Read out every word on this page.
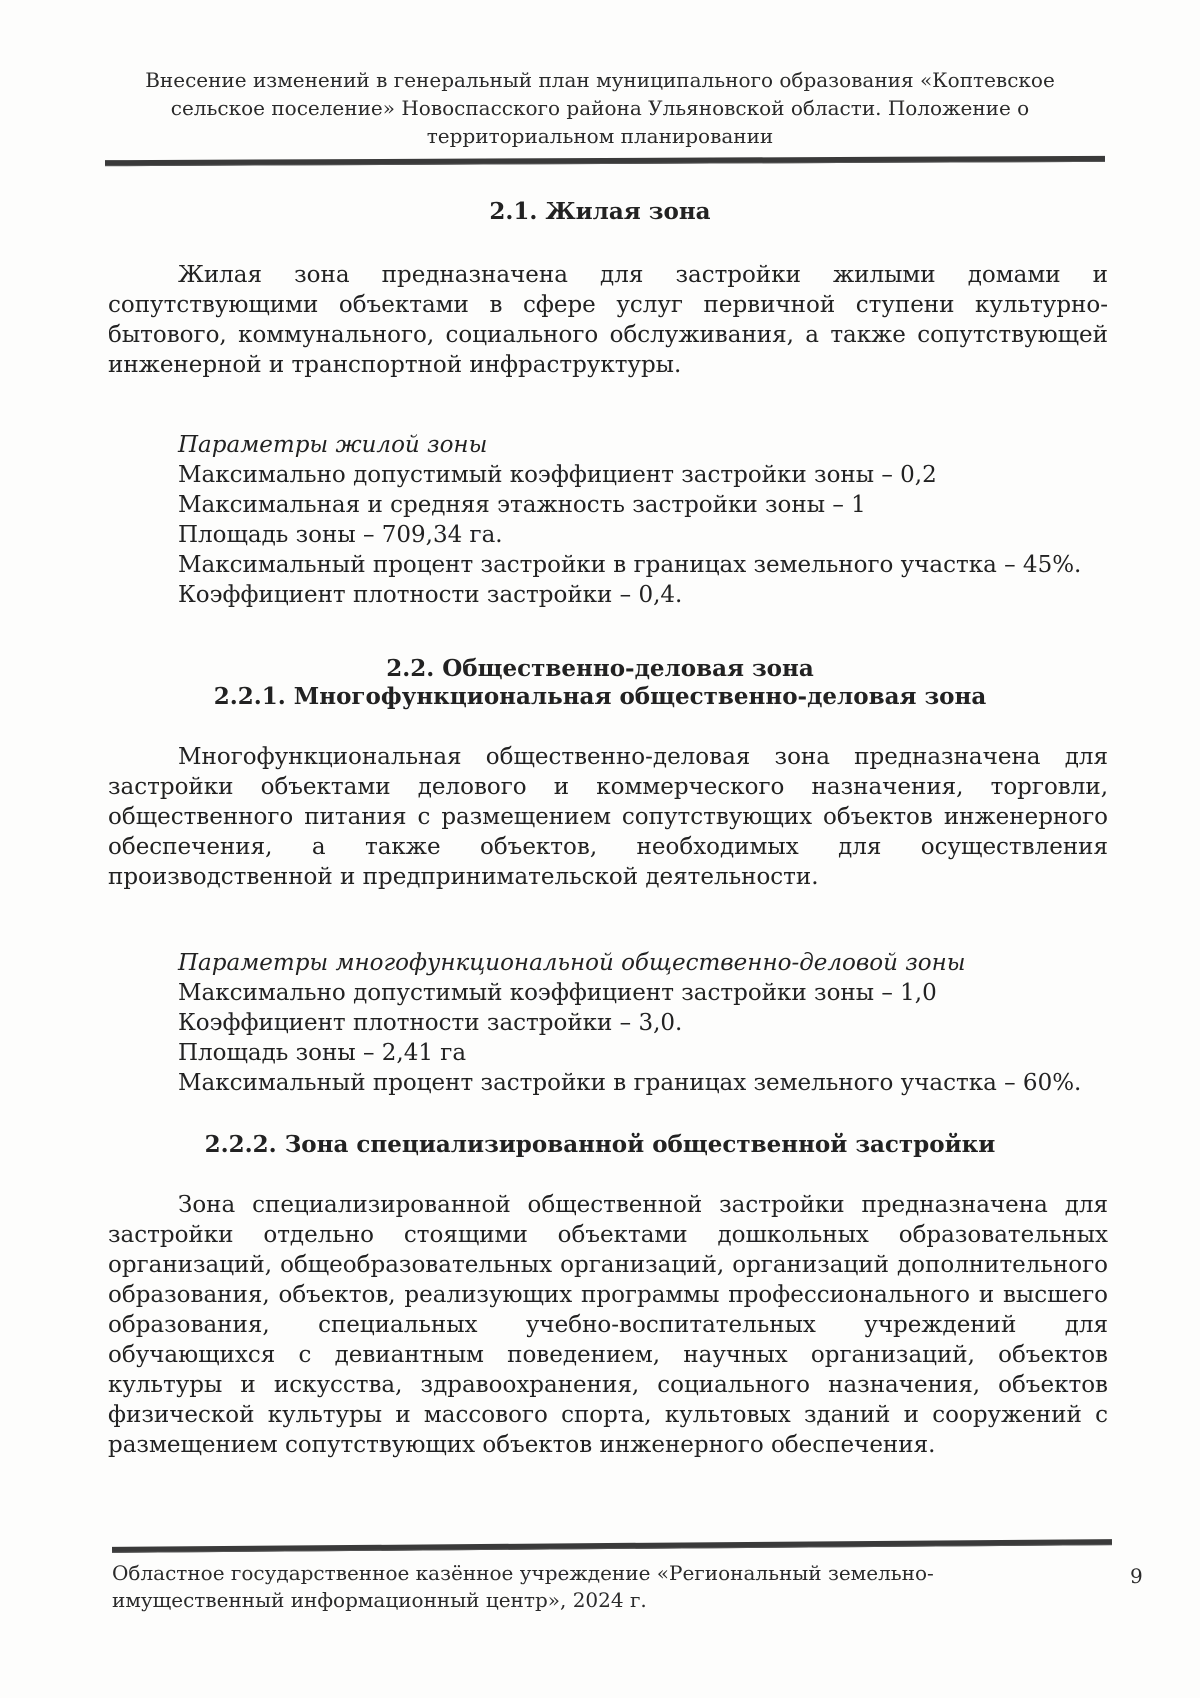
Внесение изменений в генеральный план муниципального образования «Коптевское сельское поселение» Новоспасского района Ульяновской области. Положение о территориальном планировании
2.1. Жилая зона

Жилая зона предназначена для застройки жилыми домами и сопутствующими объектами в сфере услуг первичной ступени культурно-бытового, коммунального, социального обслуживания, а также сопутствующей инженерной и транспортной инфраструктуры.

Параметры жилой зоны
Максимально допустимый коэффициент застройки зоны – 0,2
Максимальная и средняя этажность застройки зоны – 1
Площадь зоны – 709,34 га.
Максимальный процент застройки в границах земельного участка – 45%.
Коэффициент плотности застройки – 0,4.
2.2. Общественно-деловая зона
2.2.1. Многофункциональная общественно-деловая зона

Многофункциональная общественно-деловая зона предназначена для застройки объектами делового и коммерческого назначения, торговли, общественного питания с размещением сопутствующих объектов инженерного обеспечения, а также объектов, необходимых для осуществления производственной и предпринимательской деятельности.

Параметры многофункциональной общественно-деловой зоны
Максимально допустимый коэффициент застройки зоны – 1,0
Коэффициент плотности застройки – 3,0.
Площадь зоны – 2,41 га
Максимальный процент застройки в границах земельного участка – 60%.
2.2.2. Зона специализированной общественной застройки

Зона специализированной общественной застройки предназначена для застройки отдельно стоящими объектами дошкольных образовательных организаций, общеобразовательных организаций, организаций дополнительного образования, объектов, реализующих программы профессионального и высшего образования, специальных учебно-воспитательных учреждений для обучающихся с девиантным поведением, научных организаций, объектов культуры и искусства, здравоохранения, социального назначения, объектов физической культуры и массового спорта, культовых зданий и сооружений с размещением сопутствующих объектов инженерного обеспечения.

Областное государственное казённое учреждение «Региональный земельно-имущественный информационный центр», 2024 г.
9
